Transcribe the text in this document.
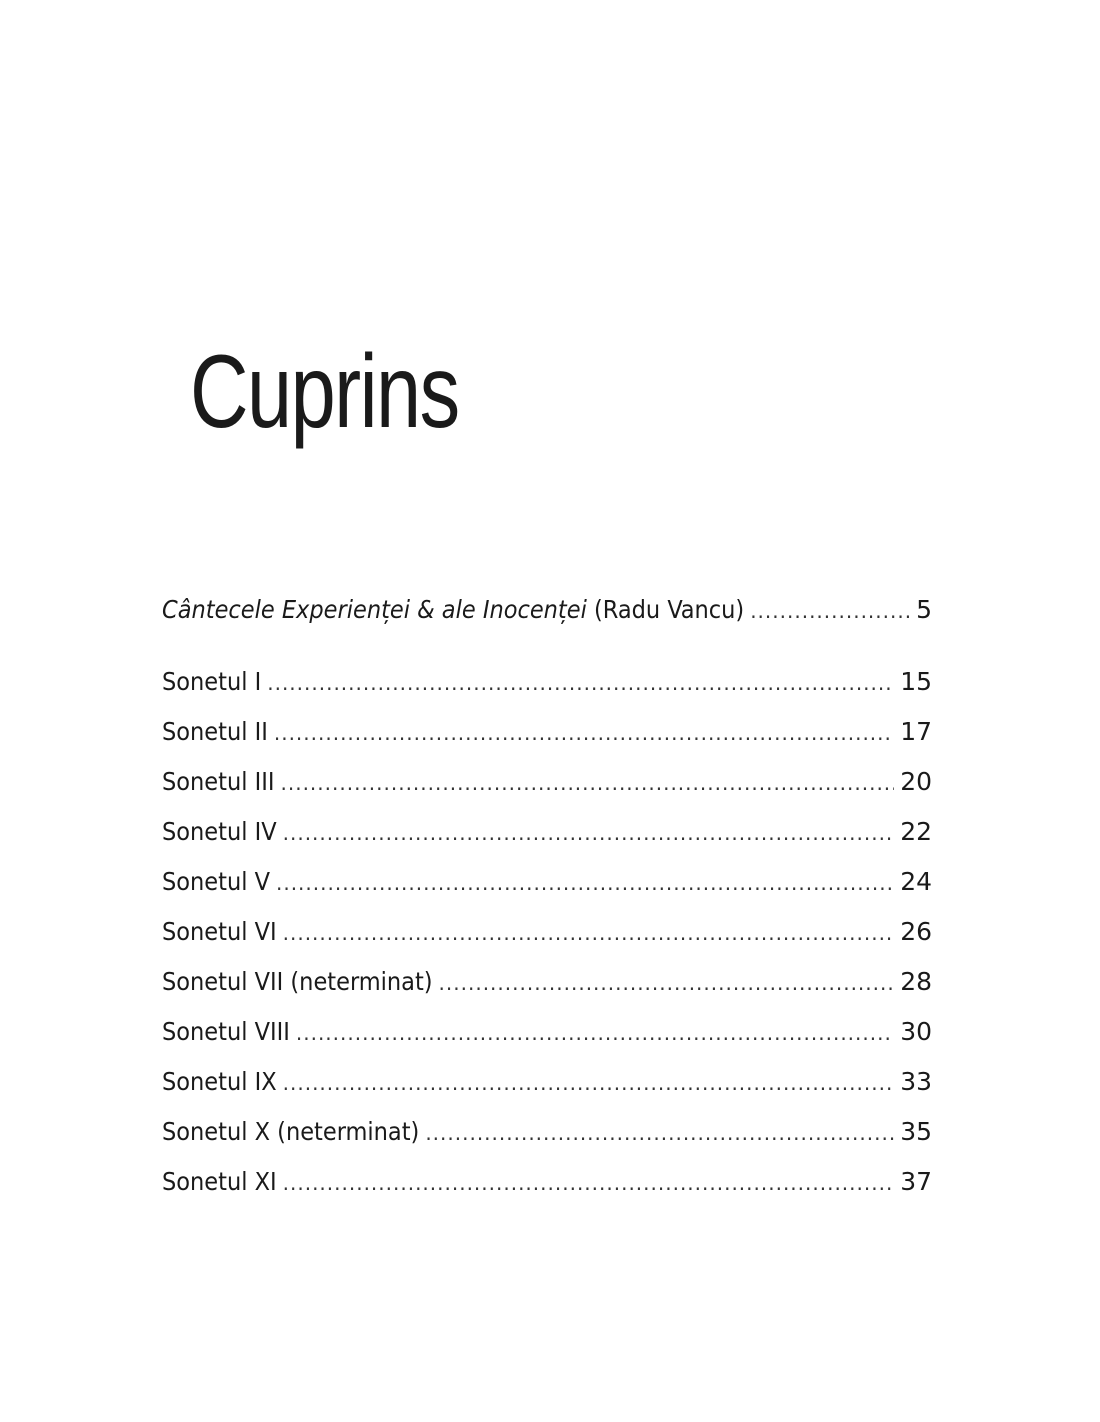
Cuprins
Cântecele Experienței & ale Inocenței (Radu Vancu) .....	5
Sonetul I .....	15
Sonetul II .....	17
Sonetul III .....	20
Sonetul IV .....	22
Sonetul V .....	24
Sonetul VI .....	26
Sonetul VII (neterminat) .....	28
Sonetul VIII .....	30
Sonetul IX .....	33
Sonetul X (neterminat) .....	35
Sonetul XI .....	37
